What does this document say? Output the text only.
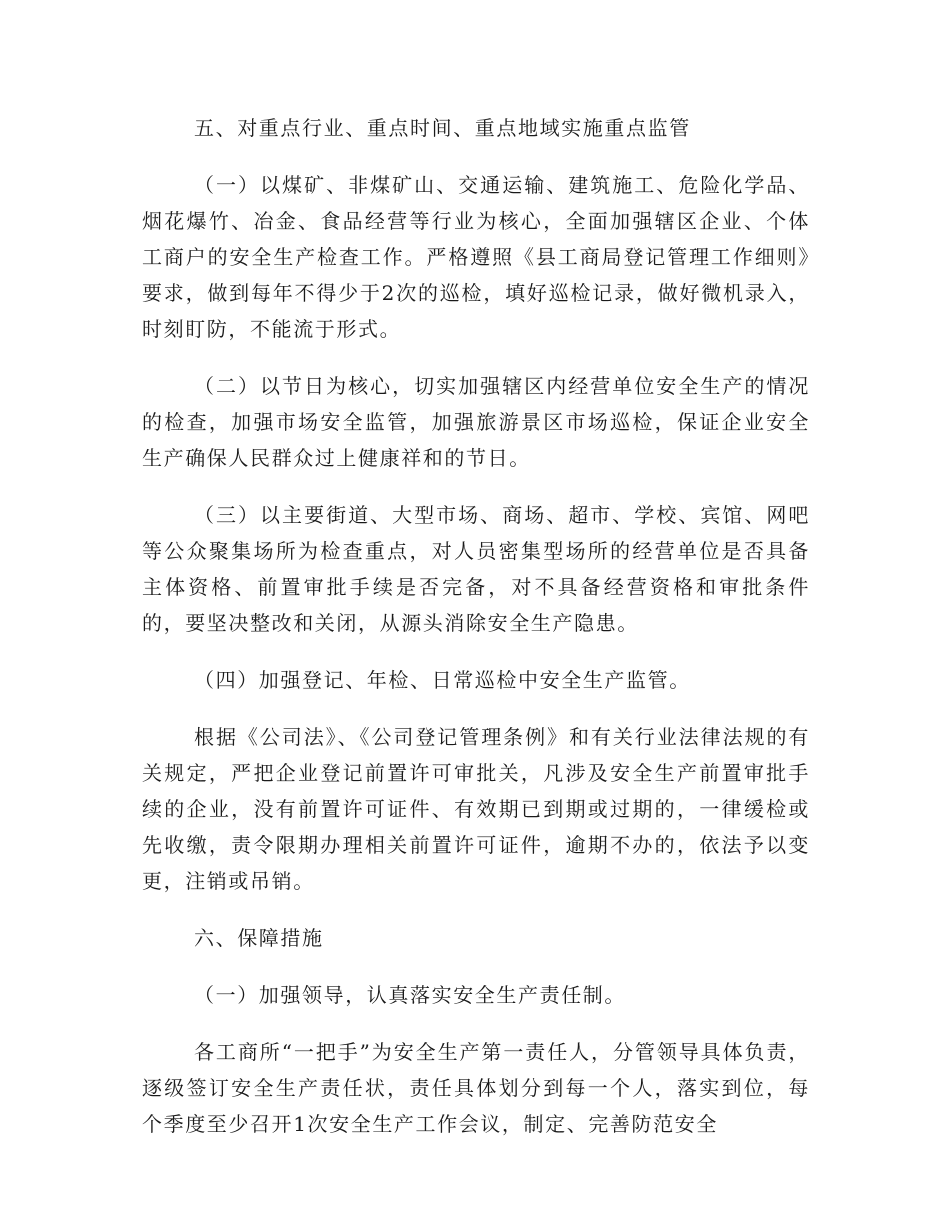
五、对重点行业、重点时间、重点地域实施重点监管

（一）以煤矿、非煤矿山、交通运输、建筑施工、危险化学品、烟花爆竹、冶金、食品经营等行业为核心，全面加强辖区企业、个体工商户的安全生产检查工作。严格遵照《县工商局登记管理工作细则》要求，做到每年不得少于2次的巡检，填好巡检记录，做好微机录入，时刻盯防，不能流于形式。

（二）以节日为核心，切实加强辖区内经营单位安全生产的情况的检查，加强市场安全监管，加强旅游景区市场巡检，保证企业安全生产确保人民群众过上健康祥和的节日。

（三）以主要街道、大型市场、商场、超市、学校、宾馆、网吧等公众聚集场所为检查重点，对人员密集型场所的经营单位是否具备主体资格、前置审批手续是否完备，对不具备经营资格和审批条件的，要坚决整改和关闭，从源头消除安全生产隐患。

（四）加强登记、年检、日常巡检中安全生产监管。

根据《公司法》、《公司登记管理条例》和有关行业法律法规的有关规定，严把企业登记前置许可审批关，凡涉及安全生产前置审批手续的企业，没有前置许可证件、有效期已到期或过期的，一律缓检或先收缴，责令限期办理相关前置许可证件，逾期不办的，依法予以变更，注销或吊销。

六、保障措施

（一）加强领导，认真落实安全生产责任制。

各工商所“一把手”为安全生产第一责任人，分管领导具体负责，逐级签订安全生产责任状，责任具体划分到每一个人，落实到位，每个季度至少召开1次安全生产工作会议，制定、完善防范安全
